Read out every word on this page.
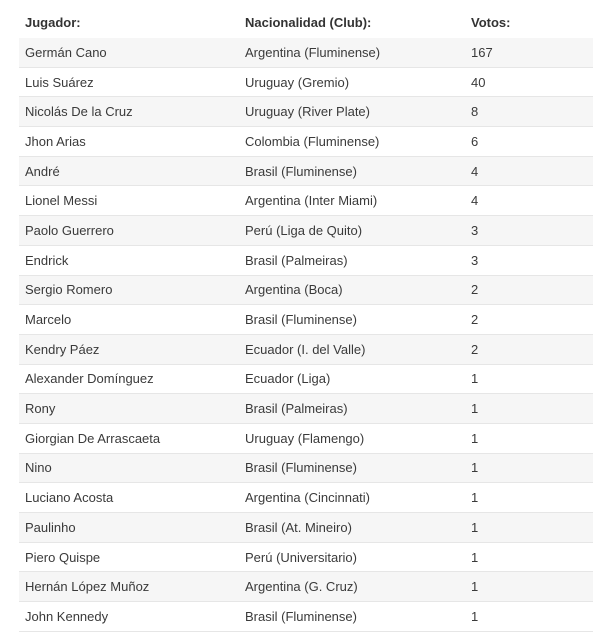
Jugador:	Nacionalidad (Club):	Votos:
Germán Cano	Argentina (Fluminense)	167
Luis Suárez	Uruguay (Gremio)	40
Nicolás De la Cruz	Uruguay (River Plate)	8
Jhon Arias	Colombia (Fluminense)	6
André	Brasil (Fluminense)	4
Lionel Messi	Argentina (Inter Miami)	4
Paolo Guerrero	Perú (Liga de Quito)	3
Endrick	Brasil (Palmeiras)	3
Sergio Romero	Argentina (Boca)	2
Marcelo	Brasil (Fluminense)	2
Kendry Páez	Ecuador (I. del Valle)	2
Alexander Domínguez	Ecuador (Liga)	1
Rony	Brasil (Palmeiras)	1
Giorgian De Arrascaeta	Uruguay (Flamengo)	1
Nino	Brasil (Fluminense)	1
Luciano Acosta	Argentina (Cincinnati)	1
Paulinho	Brasil (At. Mineiro)	1
Piero Quispe	Perú (Universitario)	1
Hernán López Muñoz	Argentina (G. Cruz)	1
John Kennedy	Brasil (Fluminense)	1
